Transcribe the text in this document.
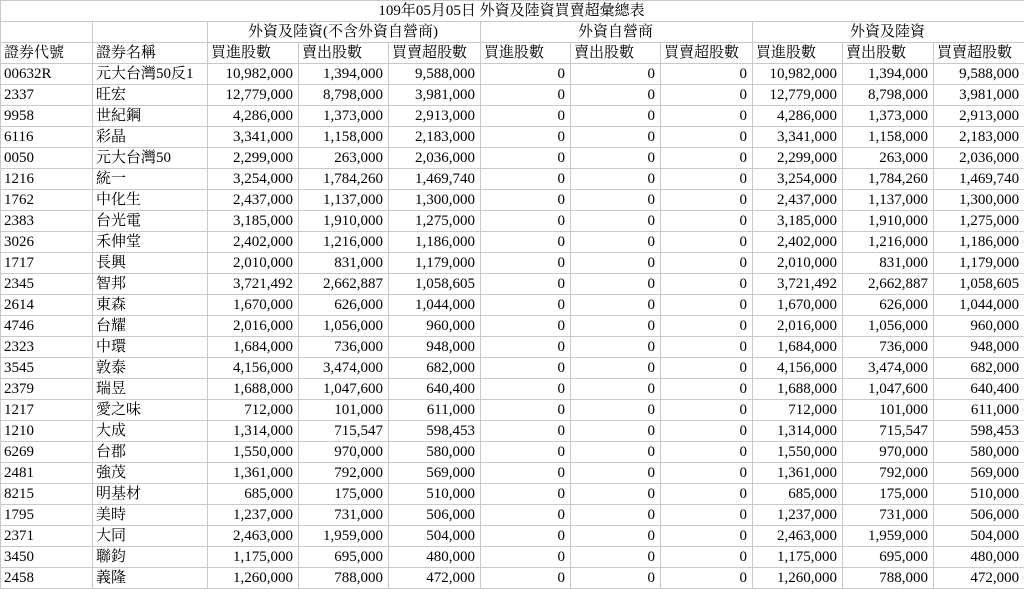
109年05月05日 外資及陸資買賣超彙總表										
		外資及陸資(不含外資自營商)			外資自營商			外資及陸資		
證券代號	證券名稱	買進股數	賣出股數	買賣超股數	買進股數	賣出股數	買賣超股數	買進股數	賣出股數	買賣超股數
00632R	元大台灣50反1	10,982,000	1,394,000	9,588,000	0	0	0	10,982,000	1,394,000	9,588,000
2337	旺宏	12,779,000	8,798,000	3,981,000	0	0	0	12,779,000	8,798,000	3,981,000
9958	世紀鋼	4,286,000	1,373,000	2,913,000	0	0	0	4,286,000	1,373,000	2,913,000
6116	彩晶	3,341,000	1,158,000	2,183,000	0	0	0	3,341,000	1,158,000	2,183,000
0050	元大台灣50	2,299,000	263,000	2,036,000	0	0	0	2,299,000	263,000	2,036,000
1216	統一	3,254,000	1,784,260	1,469,740	0	0	0	3,254,000	1,784,260	1,469,740
1762	中化生	2,437,000	1,137,000	1,300,000	0	0	0	2,437,000	1,137,000	1,300,000
2383	台光電	3,185,000	1,910,000	1,275,000	0	0	0	3,185,000	1,910,000	1,275,000
3026	禾伸堂	2,402,000	1,216,000	1,186,000	0	0	0	2,402,000	1,216,000	1,186,000
1717	長興	2,010,000	831,000	1,179,000	0	0	0	2,010,000	831,000	1,179,000
2345	智邦	3,721,492	2,662,887	1,058,605	0	0	0	3,721,492	2,662,887	1,058,605
2614	東森	1,670,000	626,000	1,044,000	0	0	0	1,670,000	626,000	1,044,000
4746	台耀	2,016,000	1,056,000	960,000	0	0	0	2,016,000	1,056,000	960,000
2323	中環	1,684,000	736,000	948,000	0	0	0	1,684,000	736,000	948,000
3545	敦泰	4,156,000	3,474,000	682,000	0	0	0	4,156,000	3,474,000	682,000
2379	瑞昱	1,688,000	1,047,600	640,400	0	0	0	1,688,000	1,047,600	640,400
1217	愛之味	712,000	101,000	611,000	0	0	0	712,000	101,000	611,000
1210	大成	1,314,000	715,547	598,453	0	0	0	1,314,000	715,547	598,453
6269	台郡	1,550,000	970,000	580,000	0	0	0	1,550,000	970,000	580,000
2481	強茂	1,361,000	792,000	569,000	0	0	0	1,361,000	792,000	569,000
8215	明基材	685,000	175,000	510,000	0	0	0	685,000	175,000	510,000
1795	美時	1,237,000	731,000	506,000	0	0	0	1,237,000	731,000	506,000
2371	大同	2,463,000	1,959,000	504,000	0	0	0	2,463,000	1,959,000	504,000
3450	聯鈞	1,175,000	695,000	480,000	0	0	0	1,175,000	695,000	480,000
2458	義隆	1,260,000	788,000	472,000	0	0	0	1,260,000	788,000	472,000
